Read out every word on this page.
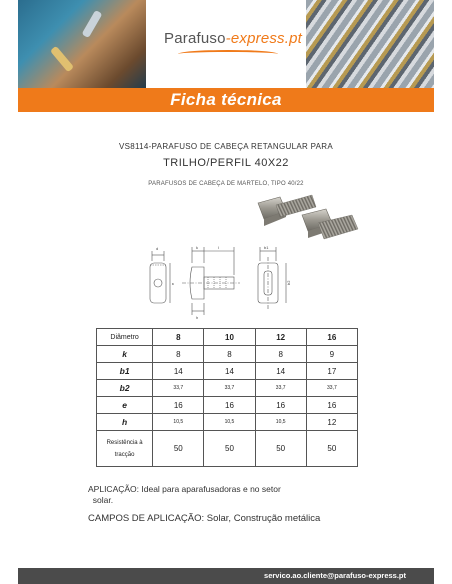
Parafuso-express.pt
Ficha técnica
VS8114-PARAFUSO DE CABEÇA RETANGULAR PARA
TRILHO/PERFIL 40X22
PARAFUSOS DE CABEÇA DE MARTELO, TIPO 40/22
d
e
k	l
h
b1
b2
Diâmetro	8	10	12	16
k	8	8	8	9
b1	14	14	14	17
b2	33,7	33,7	33,7	33,7
e	16	16	16	16
h	10,5	10,5	10,5	12
Resistência à
tracção	50	50	50	50
APLICAÇÃO: Ideal para aparafusadoras e no setor
solar.
CAMPOS DE APLICAÇÃO: Solar, Construção metálica
servico.ao.cliente@parafuso-express.pt
